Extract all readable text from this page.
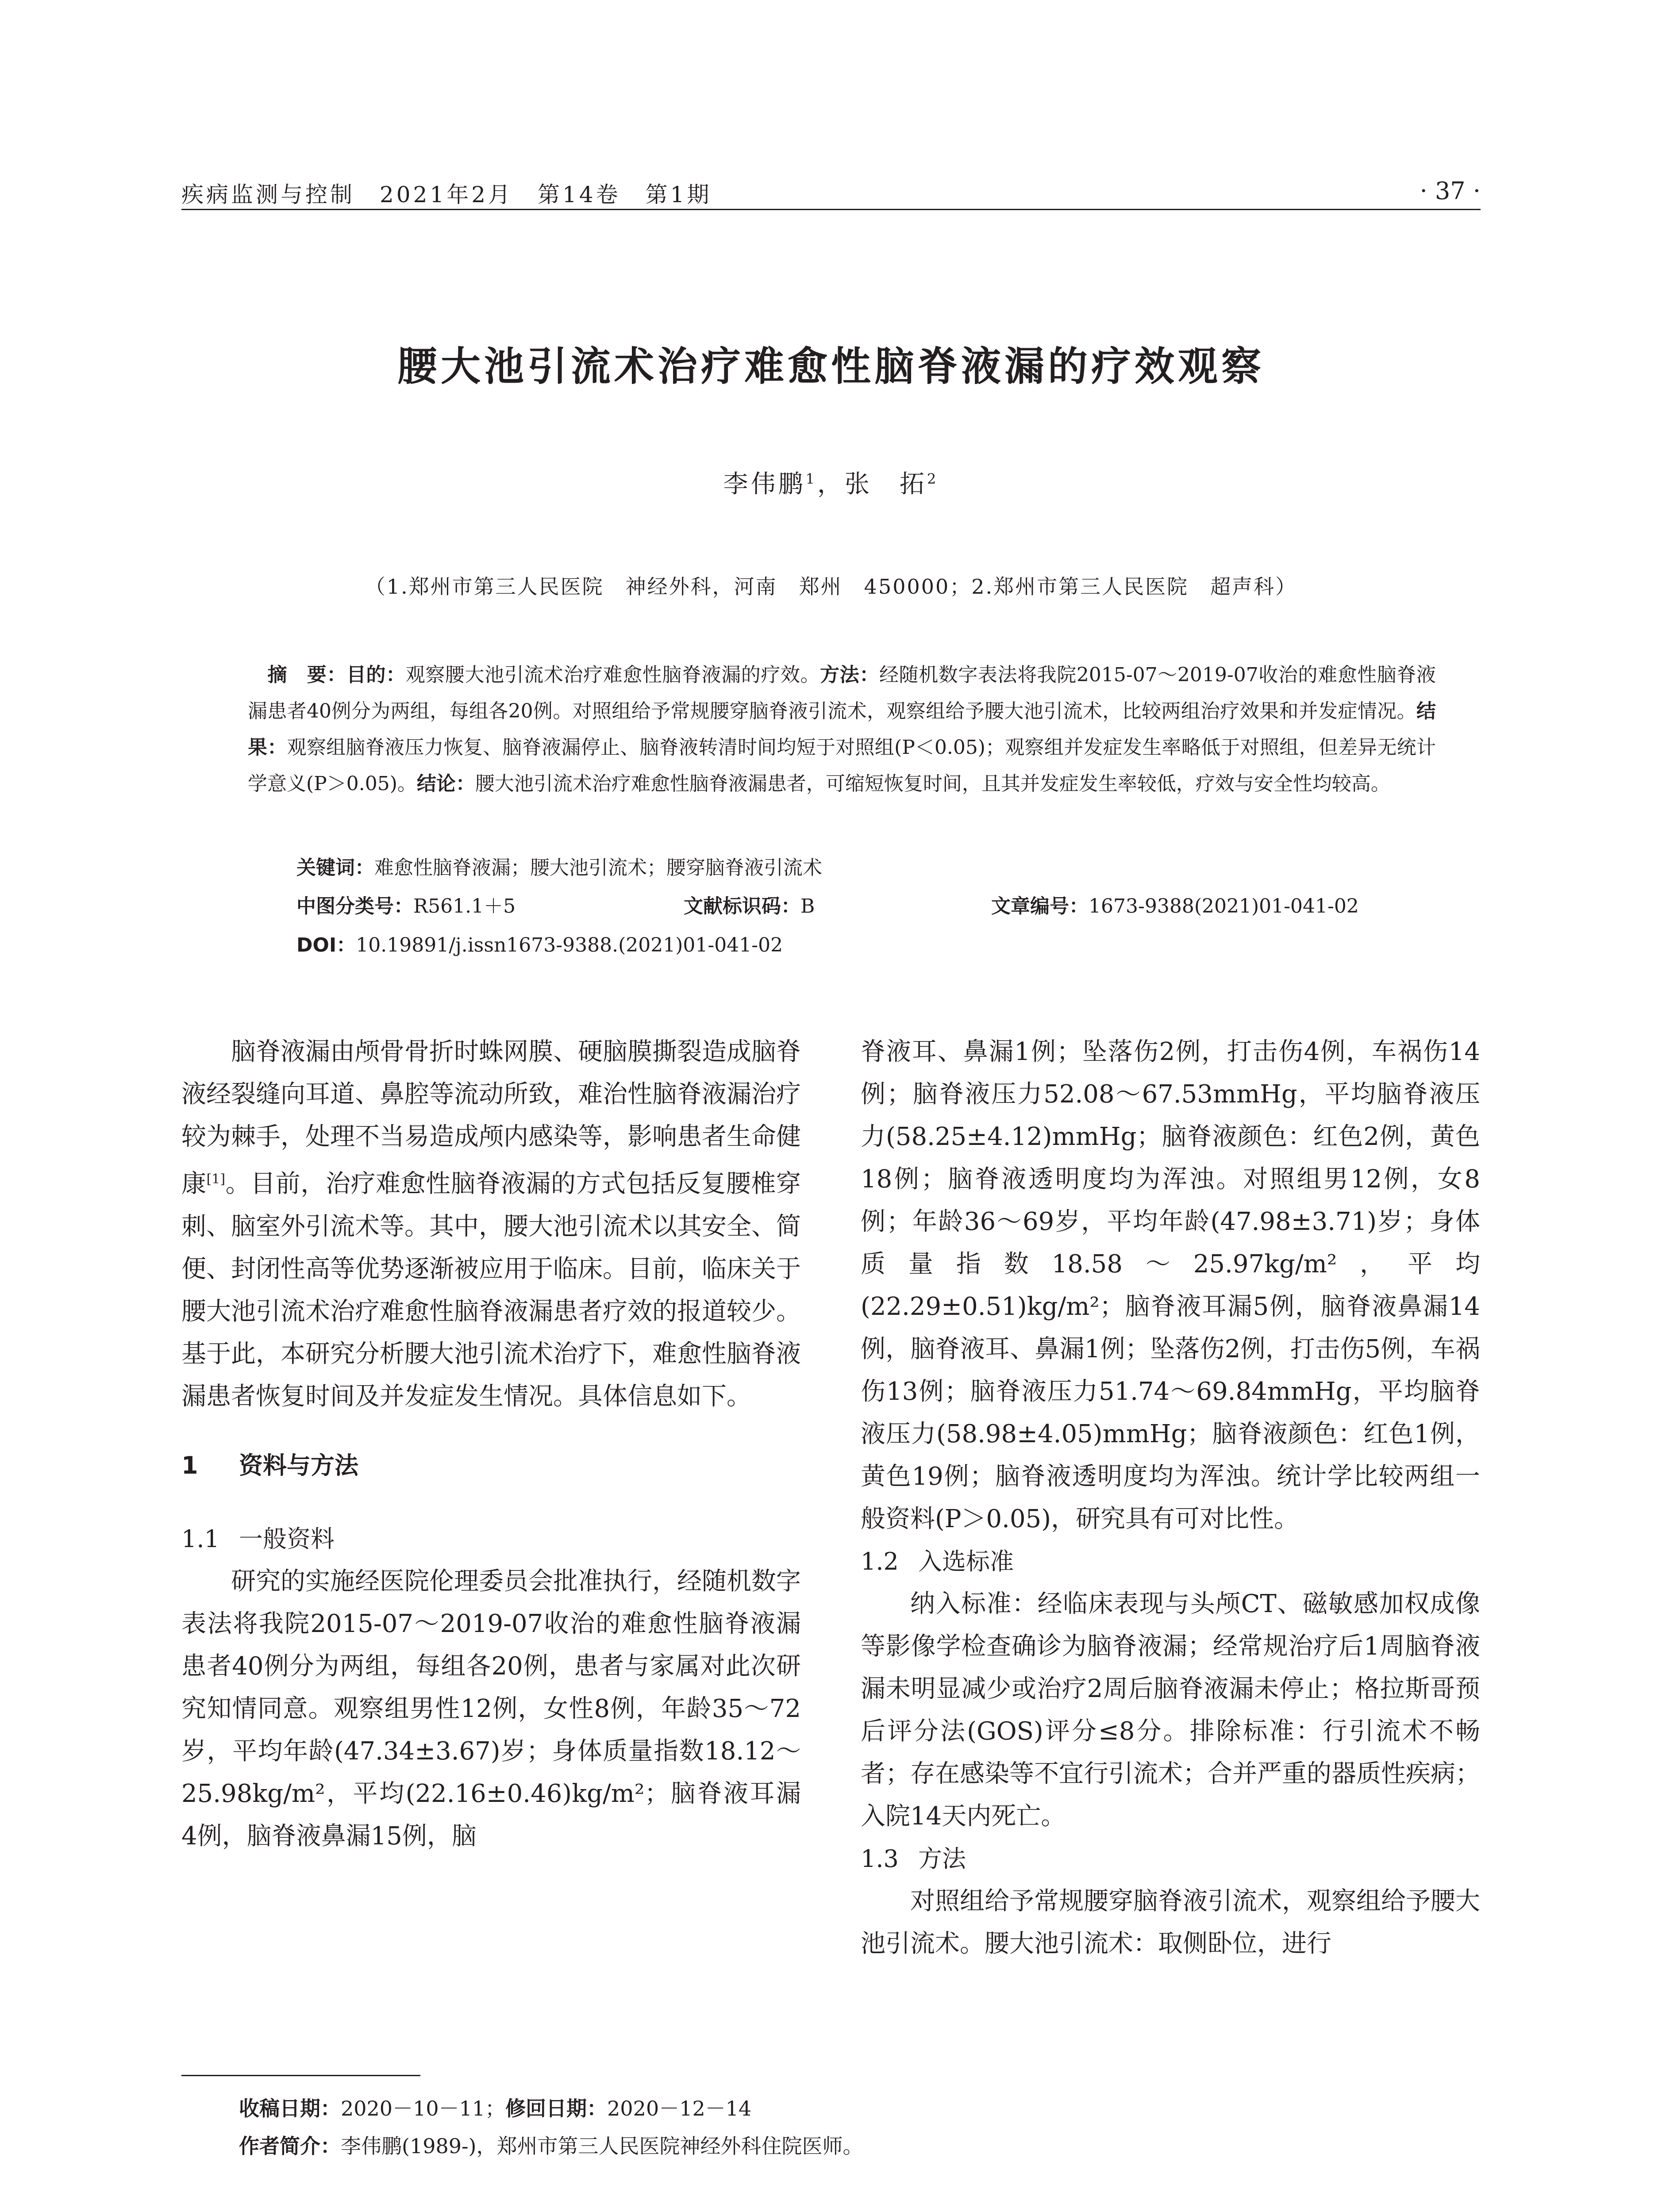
疾病监测与控制　2021年2月　第14卷　第1期	· 37 ·
腰大池引流术治疗难愈性脑脊液漏的疗效观察
李伟鹏$^1$，张　拓$^2$
（1.郑州市第三人民医院　神经外科，河南　郑州　450000；2.郑州市第三人民医院　超声科）
 摘　要：目的：观察腰大池引流术治疗难愈性脑脊液漏的疗效。方法：经随机数字表法将我院2015-07～2019-07收治的难愈性脑脊液漏患者40例分为两组，每组各20例。对照组给予常规腰穿脑脊液引流术，观察组给予腰大池引流术，比较两组治疗效果和并发症情况。结果：观察组脑脊液压力恢复、脑脊液漏停止、脑脊液转清时间均短于对照组(P＜0.05)；观察组并发症发生率略低于对照组，但差异无统计学意义(P＞0.05)。结论：腰大池引流术治疗难愈性脑脊液漏患者，可缩短恢复时间，且其并发症发生率较低，疗效与安全性均较高。
关键词：难愈性脑脊液漏；腰大池引流术；腰穿脑脊液引流术
中图分类号：R561.1＋5	文献标识码：B	文章编号：1673-9388(2021)01-041-02
DOI：10.19891/j.issn1673-9388.(2021)01-041-02

脑脊液漏由颅骨骨折时蛛网膜、硬脑膜撕裂造成脑脊液经裂缝向耳道、鼻腔等流动所致，难治性脑脊液漏治疗较为棘手，处理不当易造成颅内感染等，影响患者生命健康[1]。目前，治疗难愈性脑脊液漏的方式包括反复腰椎穿刺、脑室外引流术等。其中，腰大池引流术以其安全、简便、封闭性高等优势逐渐被应用于临床。目前，临床关于腰大池引流术治疗难愈性脑脊液漏患者疗效的报道较少。基于此，本研究分析腰大池引流术治疗下，难愈性脑脊液漏患者恢复时间及并发症发生情况。具体信息如下。

1 资料与方法
1.1 一般资料

研究的实施经医院伦理委员会批准执行，经随机数字表法将我院2015-07～2019-07收治的难愈性脑脊液漏患者40例分为两组，每组各20例，患者与家属对此次研究知情同意。观察组男性12例，女性8例，年龄35～72岁，平均年龄(47.34±3.67)岁；身体质量指数18.12～25.98kg/m²，平均(22.16±0.46)kg/m²；脑脊液耳漏4例，脑脊液鼻漏15例，脑

脊液耳、鼻漏1例；坠落伤2例，打击伤4例，车祸伤14例；脑脊液压力52.08～67.53mmHg，平均脑脊液压力(58.25±4.12)mmHg；脑脊液颜色：红色2例，黄色18例；脑脊液透明度均为浑浊。对照组男12例，女8例；年龄36～69岁，平均年龄(47.98±3.71)岁；身体质量指数18.58～25.97kg/m²，平均(22.29±0.51)kg/m²；脑脊液耳漏5例，脑脊液鼻漏14例，脑脊液耳、鼻漏1例；坠落伤2例，打击伤5例，车祸伤13例；脑脊液压力51.74～69.84mmHg，平均脑脊液压力(58.98±4.05)mmHg；脑脊液颜色：红色1例，黄色19例；脑脊液透明度均为浑浊。统计学比较两组一般资料(P＞0.05)，研究具有可对比性。

1.2 入选标准

纳入标准：经临床表现与头颅CT、磁敏感加权成像等影像学检查确诊为脑脊液漏；经常规治疗后1周脑脊液漏未明显减少或治疗2周后脑脊液漏未停止；格拉斯哥预后评分法(GOS)评分≤8分。排除标准：行引流术不畅者；存在感染等不宜行引流术；合并严重的器质性疾病；入院14天内死亡。

1.3 方法

对照组给予常规腰穿脑脊液引流术，观察组给予腰大池引流术。腰大池引流术：取侧卧位，进行

收稿日期：2020－10－11；修回日期：2020－12－14
作者简介：李伟鹏(1989-)，郑州市第三人民医院神经外科住院医师。
